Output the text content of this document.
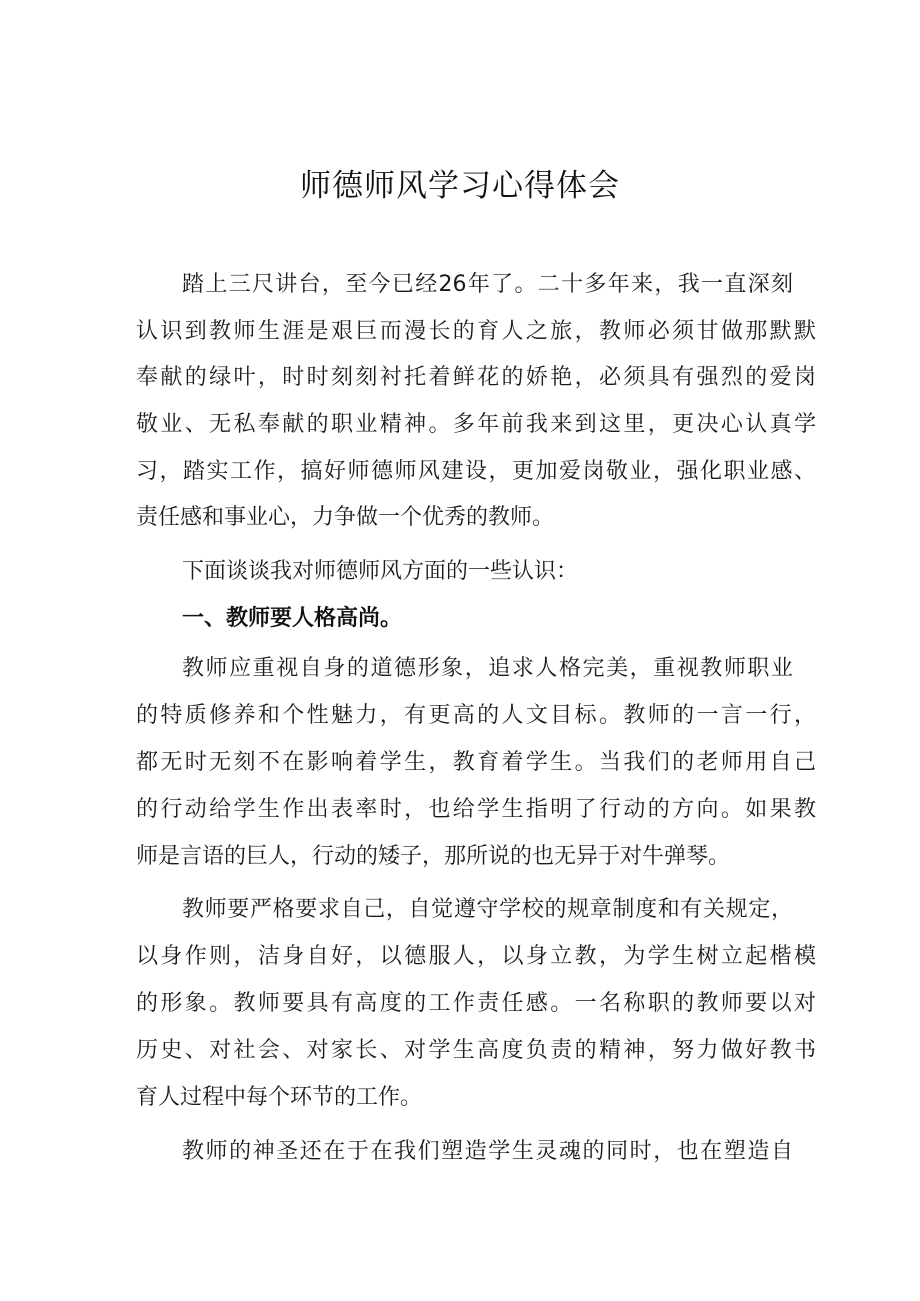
师德师风学习心得体会

踏上三尺讲台，至今已经26年了。二十多年来，我一直深刻

认识到教师生涯是艰巨而漫长的育人之旅，教师必须甘做那默默

奉献的绿叶，时时刻刻衬托着鲜花的娇艳，必须具有强烈的爱岗

敬业、无私奉献的职业精神。多年前我来到这里，更决心认真学

习，踏实工作，搞好师德师风建设，更加爱岗敬业，强化职业感、

责任感和事业心，力争做一个优秀的教师。

下面谈谈我对师德师风方面的一些认识：

一、教师要人格高尚。

教师应重视自身的道德形象，追求人格完美，重视教师职业

的特质修养和个性魅力，有更高的人文目标。教师的一言一行，

都无时无刻不在影响着学生，教育着学生。当我们的老师用自己

的行动给学生作出表率时，也给学生指明了行动的方向。如果教

师是言语的巨人，行动的矮子，那所说的也无异于对牛弹琴。

教师要严格要求自己，自觉遵守学校的规章制度和有关规定，

以身作则，洁身自好，以德服人，以身立教，为学生树立起楷模

的形象。教师要具有高度的工作责任感。一名称职的教师要以对

历史、对社会、对家长、对学生高度负责的精神，努力做好教书

育人过程中每个环节的工作。

教师的神圣还在于在我们塑造学生灵魂的同时，也在塑造自
